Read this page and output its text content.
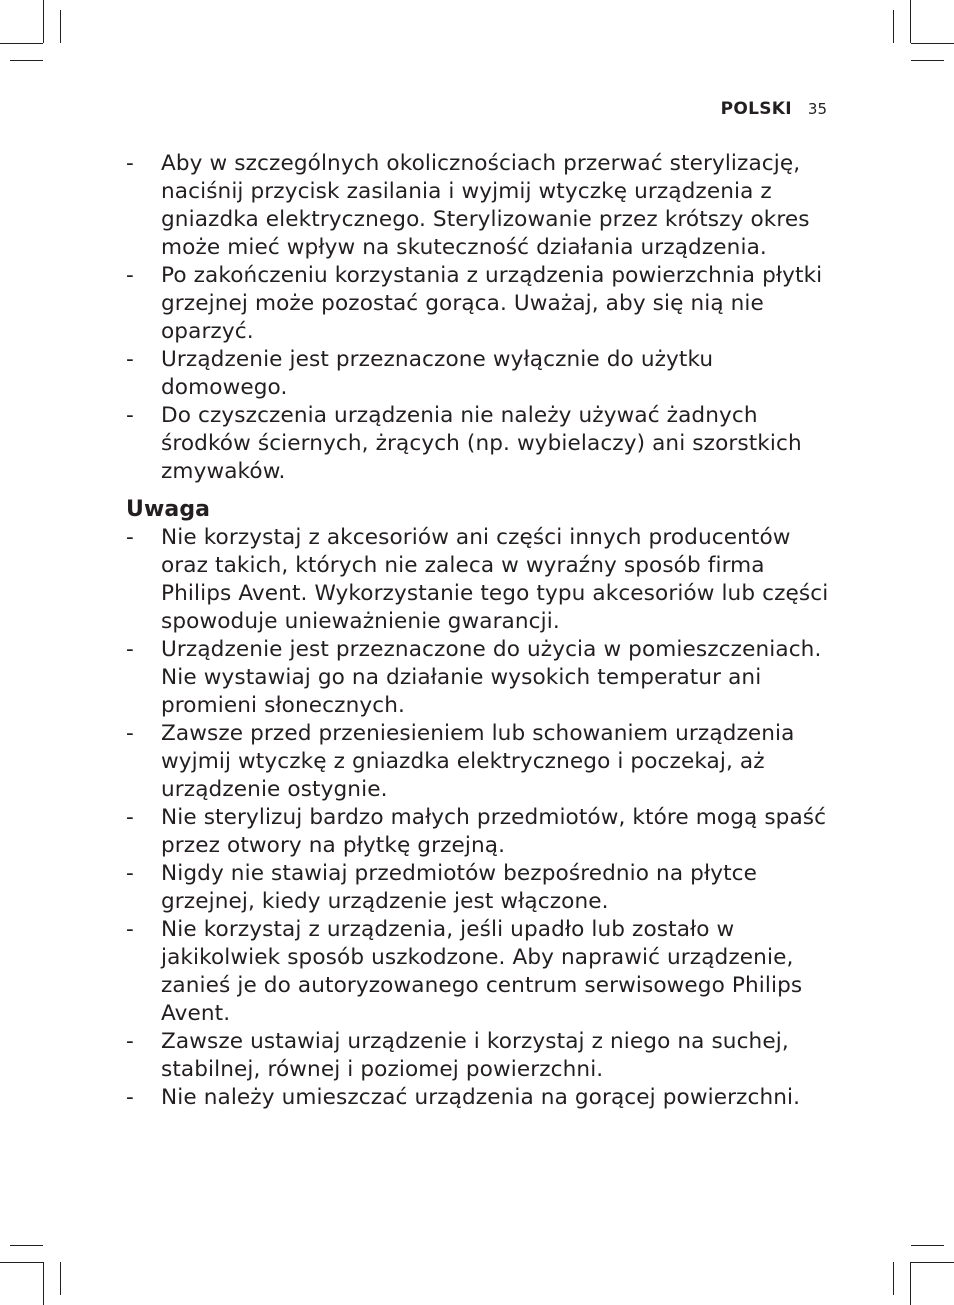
POLSKI 35
- Aby w szczególnych okolicznościach przerwać sterylizację, naciśnij przycisk zasilania i wyjmij wtyczkę urządzenia z gniazdka elektrycznego. Sterylizowanie przez krótszy okres może mieć wpływ na skuteczność działania urządzenia.
- Po zakończeniu korzystania z urządzenia powierzchnia płytki grzejnej może pozostać gorąca. Uważaj, aby się nią nie oparzyć.
- Urządzenie jest przeznaczone wyłącznie do użytku domowego.
- Do czyszczenia urządzenia nie należy używać żadnych środków ściernych, żrących (np. wybielaczy) ani szorstkich zmywaków.
Uwaga
- Nie korzystaj z akcesoriów ani części innych producentów oraz takich, których nie zaleca w wyraźny sposób firma Philips Avent. Wykorzystanie tego typu akcesoriów lub części spowoduje unieważnienie gwarancji.
- Urządzenie jest przeznaczone do użycia w pomieszczeniach. Nie wystawiaj go na działanie wysokich temperatur ani promieni słonecznych.
- Zawsze przed przeniesieniem lub schowaniem urządzenia wyjmij wtyczkę z gniazdka elektrycznego i poczekaj, aż urządzenie ostygnie.
- Nie sterylizuj bardzo małych przedmiotów, które mogą spaść przez otwory na płytkę grzejną.
- Nigdy nie stawiaj przedmiotów bezpośrednio na płytce grzejnej, kiedy urządzenie jest włączone.
- Nie korzystaj z urządzenia, jeśli upadło lub zostało w jakikolwiek sposób uszkodzone. Aby naprawić urządzenie, zanieś je do autoryzowanego centrum serwisowego Philips Avent.
- Zawsze ustawiaj urządzenie i korzystaj z niego na suchej, stabilnej, równej i poziomej powierzchni.
- Nie należy umieszczać urządzenia na gorącej powierzchni.
